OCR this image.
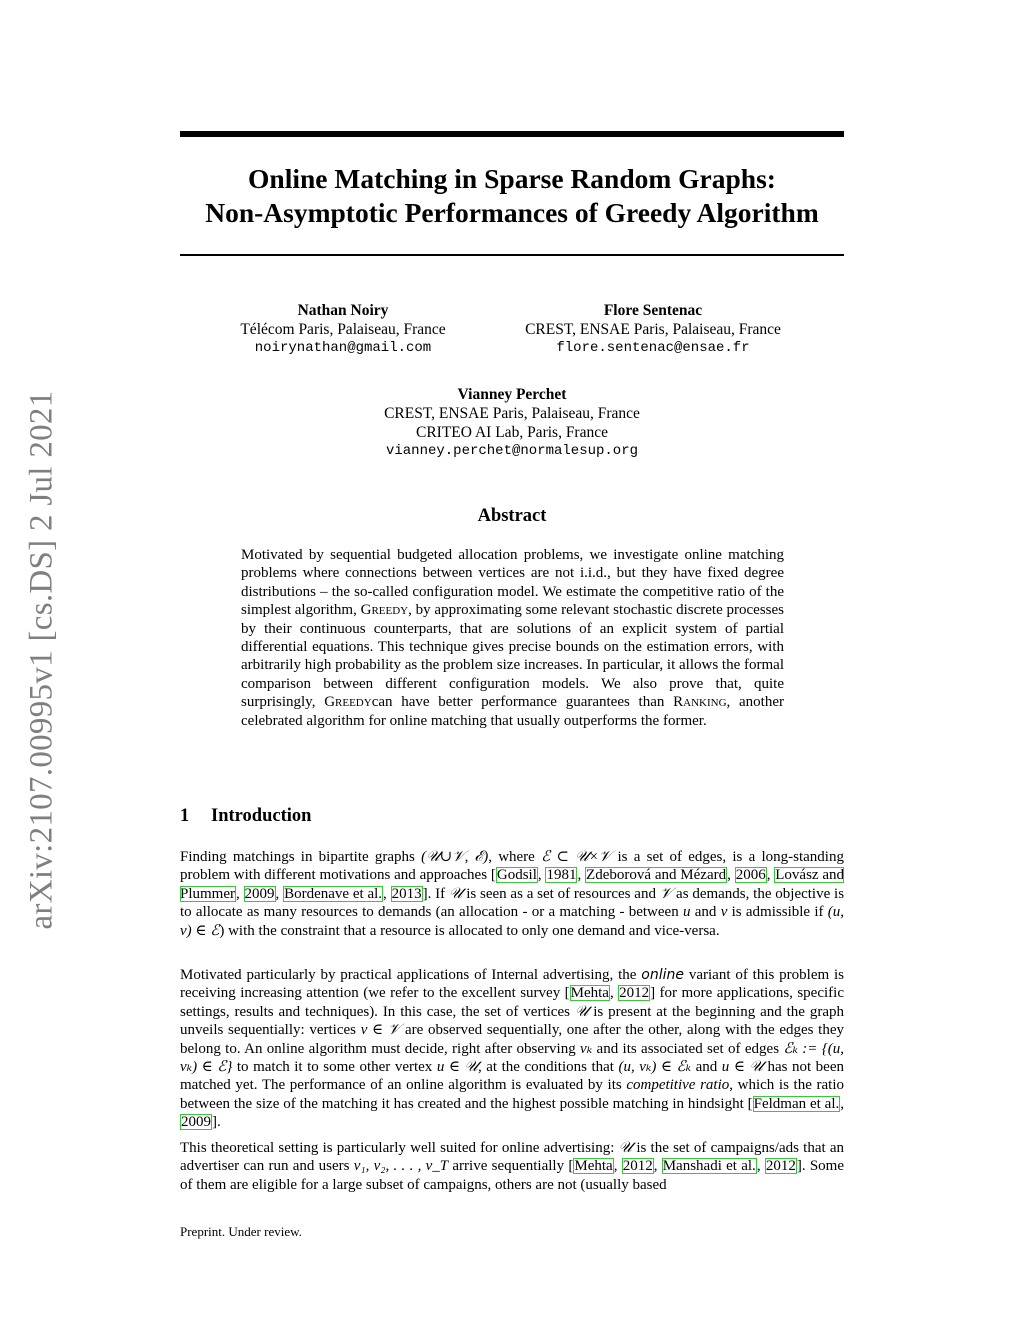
arXiv:2107.00995v1 [cs.DS] 2 Jul 2021
Online Matching in Sparse Random Graphs:
Non-Asymptotic Performances of Greedy Algorithm
Nathan Noiry
Télécom Paris, Palaiseau, France
noirynathan@gmail.com
Flore Sentenac
CREST, ENSAE Paris, Palaiseau, France
flore.sentenac@ensae.fr
Vianney Perchet
CREST, ENSAE Paris, Palaiseau, France
CRITEO AI Lab, Paris, France
vianney.perchet@normalesup.org
Abstract
Motivated by sequential budgeted allocation problems, we investigate online matching problems where connections between vertices are not i.i.d., but they have fixed degree distributions – the so-called configuration model. We estimate the competitive ratio of the simplest algorithm, Greedy, by approximating some relevant stochastic discrete processes by their continuous counterparts, that are solutions of an explicit system of partial differential equations. This technique gives precise bounds on the estimation errors, with arbitrarily high probability as the problem size increases. In particular, it allows the formal comparison between different configuration models. We also prove that, quite surprisingly, Greedycan have better performance guarantees than Ranking, another celebrated algorithm for online matching that usually outperforms the former.
1 Introduction
Finding matchings in bipartite graphs (𝒰∪𝒱, ℰ), where ℰ ⊂ 𝒰×𝒱 is a set of edges, is a long-standing problem with different motivations and approaches [Godsil, 1981, Zdeborová and Mézard, 2006, Lovász and Plummer, 2009, Bordenave et al., 2013]. If 𝒰 is seen as a set of resources and 𝒱 as demands, the objective is to allocate as many resources to demands (an allocation - or a matching - between u and v is admissible if (u, v) ∈ ℰ) with the constraint that a resource is allocated to only one demand and vice-versa.
Motivated particularly by practical applications of Internal advertising, the online variant of this problem is receiving increasing attention (we refer to the excellent survey [Mehta, 2012] for more applications, specific settings, results and techniques). In this case, the set of vertices 𝒰 is present at the beginning and the graph unveils sequentially: vertices v ∈ 𝒱 are observed sequentially, one after the other, along with the edges they belong to. An online algorithm must decide, right after observing vₖ and its associated set of edges ℰₖ := {(u, vₖ) ∈ ℰ} to match it to some other vertex u ∈ 𝒰, at the conditions that (u, vₖ) ∈ ℰₖ and u ∈ 𝒰 has not been matched yet. The performance of an online algorithm is evaluated by its competitive ratio, which is the ratio between the size of the matching it has created and the highest possible matching in hindsight [Feldman et al., 2009].
This theoretical setting is particularly well suited for online advertising: 𝒰 is the set of campaigns/ads that an advertiser can run and users v₁, v₂, . . . , v_T arrive sequentially [Mehta, 2012, Manshadi et al., 2012]. Some of them are eligible for a large subset of campaigns, others are not (usually based
Preprint. Under review.
